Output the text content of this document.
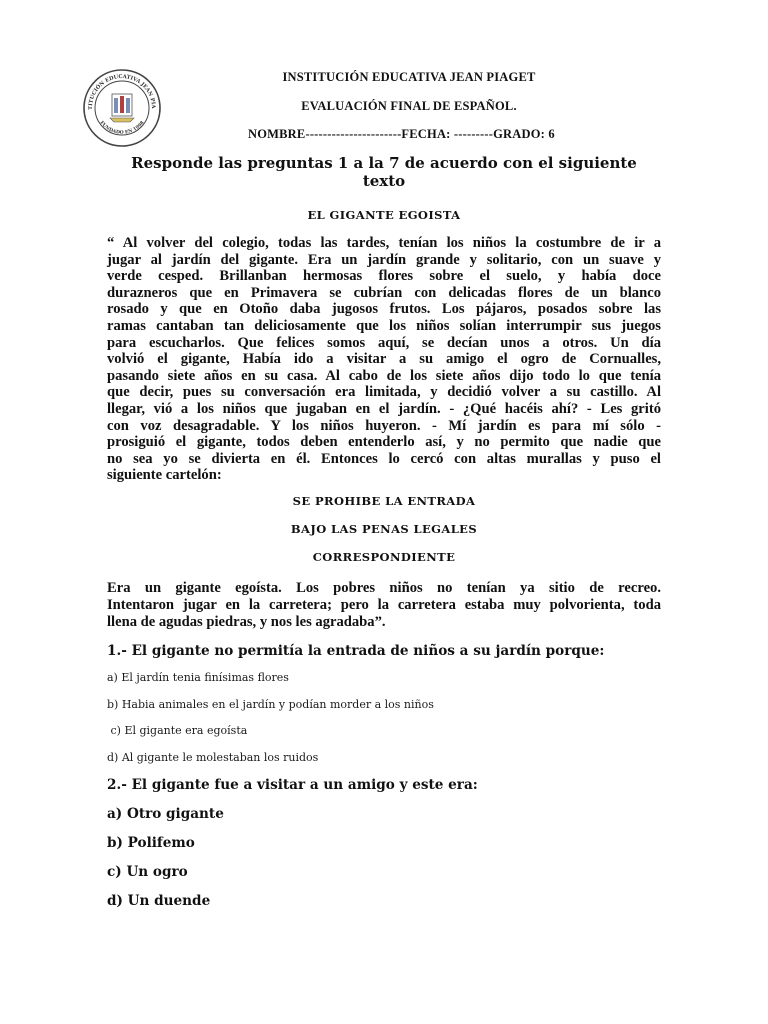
TITUCIÓN EDUCATIVA JEAN PIA
FUNDADO EN 1998
INSTITUCIÓN EDUCATIVA JEAN PIAGET
EVALUACIÓN FINAL DE ESPAÑOL.
NOMBRE----------------------FECHA: ---------GRADO: 6
Responde las preguntas 1 a la 7 de acuerdo con el siguiente texto
EL GIGANTE EGOISTA
“ Al volver del colegio, todas las tardes, tenían los niños la costumbre de ir a
jugar al jardín del gigante. Era un jardín grande y solitario, con un suave y
verde cesped. Brillanban hermosas flores sobre el suelo, y había doce
durazneros que en Primavera se cubrían con delicadas flores de un blanco
rosado y que en Otoño daba jugosos frutos. Los pájaros, posados sobre las
ramas cantaban tan deliciosamente que los niños solían interrumpir sus juegos
para escucharlos. Que felices somos aquí, se decían unos a otros. Un día
volvió el gigante, Había ido a visitar a su amigo el ogro de Cornualles,
pasando siete años en su casa. Al cabo de los siete años dijo todo lo que tenía
que decir, pues su conversación era limitada, y decidió volver a su castillo. Al
llegar, vió a los niños que jugaban en el jardín. - ¿Qué hacéis ahí? - Les gritó
con voz desagradable. Y los niños huyeron. - Mí jardín es para mí sólo -
prosiguió el gigante, todos deben entenderlo así, y no permito que nadie que
no sea yo se divierta en él. Entonces lo cercó con altas murallas y puso el
siguiente cartelón:
SE PROHIBE LA ENTRADA
BAJO LAS PENAS LEGALES
CORRESPONDIENTE
Era un gigante egoísta. Los pobres niños no tenían ya sitio de recreo.
Intentaron jugar en la carretera; pero la carretera estaba muy polvorienta, toda
llena de agudas piedras, y nos les agradaba”.
1.- El gigante no permitía la entrada de niños a su jardín porque:
a) El jardín tenia finísimas flores
b) Habia animales en el jardín y podían morder a los niños
c) El gigante era egoísta
d) Al gigante le molestaban los ruidos
2.- El gigante fue a visitar a un amigo y este era:
a) Otro gigante
b) Polifemo
c) Un ogro
d) Un duende
